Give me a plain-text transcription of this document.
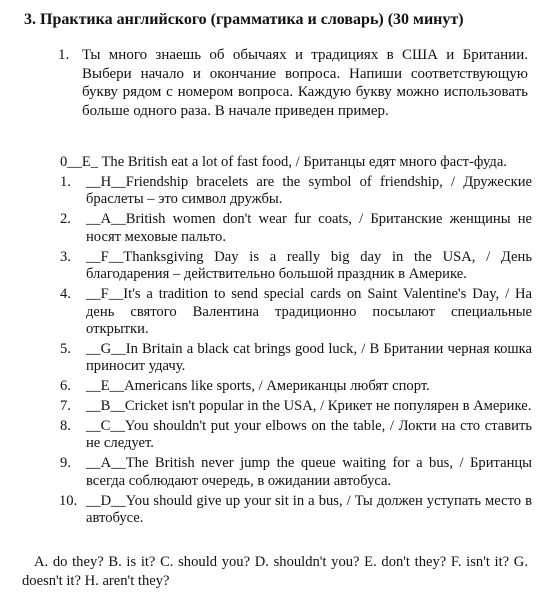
3. Практика английского (грамматика и словарь) (30 минут)
1. Ты много знаешь об обычаях и традициях в США и Британии. Выбери начало и окончание вопроса. Напиши соответствующую букву рядом с номером вопроса. Каждую букву можно использовать больше одного раза. В начале приведен пример.
0__E_ The British eat a lot of fast food, / Британцы едят много фаст-фуда.
1.	__H__Friendship bracelets are the symbol of friendship, / Дружеские браслеты – это символ дружбы.
2.	__A__British women don't wear fur coats, / Британские женщины не носят меховые пальто.
3.	__F__Thanksgiving Day is a really big day in the USA, / День благодарения – действительно большой праздник в Америке.
4.	__F__It's a tradition to send special cards on Saint Valentine's Day, / На день святого Валентина традиционно посылают специальные открытки.
5.	__G__In Britain a black cat brings good luck, / В Британии черная кошка приносит удачу.
6.	__E__Americans like sports, / Американцы любят спорт.
7.	__B__Cricket isn't popular in the USA, / Крикет не популярен в Америке.
8.	__C__You shouldn't put your elbows on the table, / Локти на сто ставить не следует.
9.	__A__The British never jump the queue waiting for a bus, / Британцы всегда соблюдают очередь, в ожидании автобуса.
10. __D__You should give up your sit in a bus, / Ты должен уступать место в автобусе.
A. do they? B. is it? C. should you? D. shouldn't you? E. don't they? F. isn't it? G. doesn't it? H. aren't they?
